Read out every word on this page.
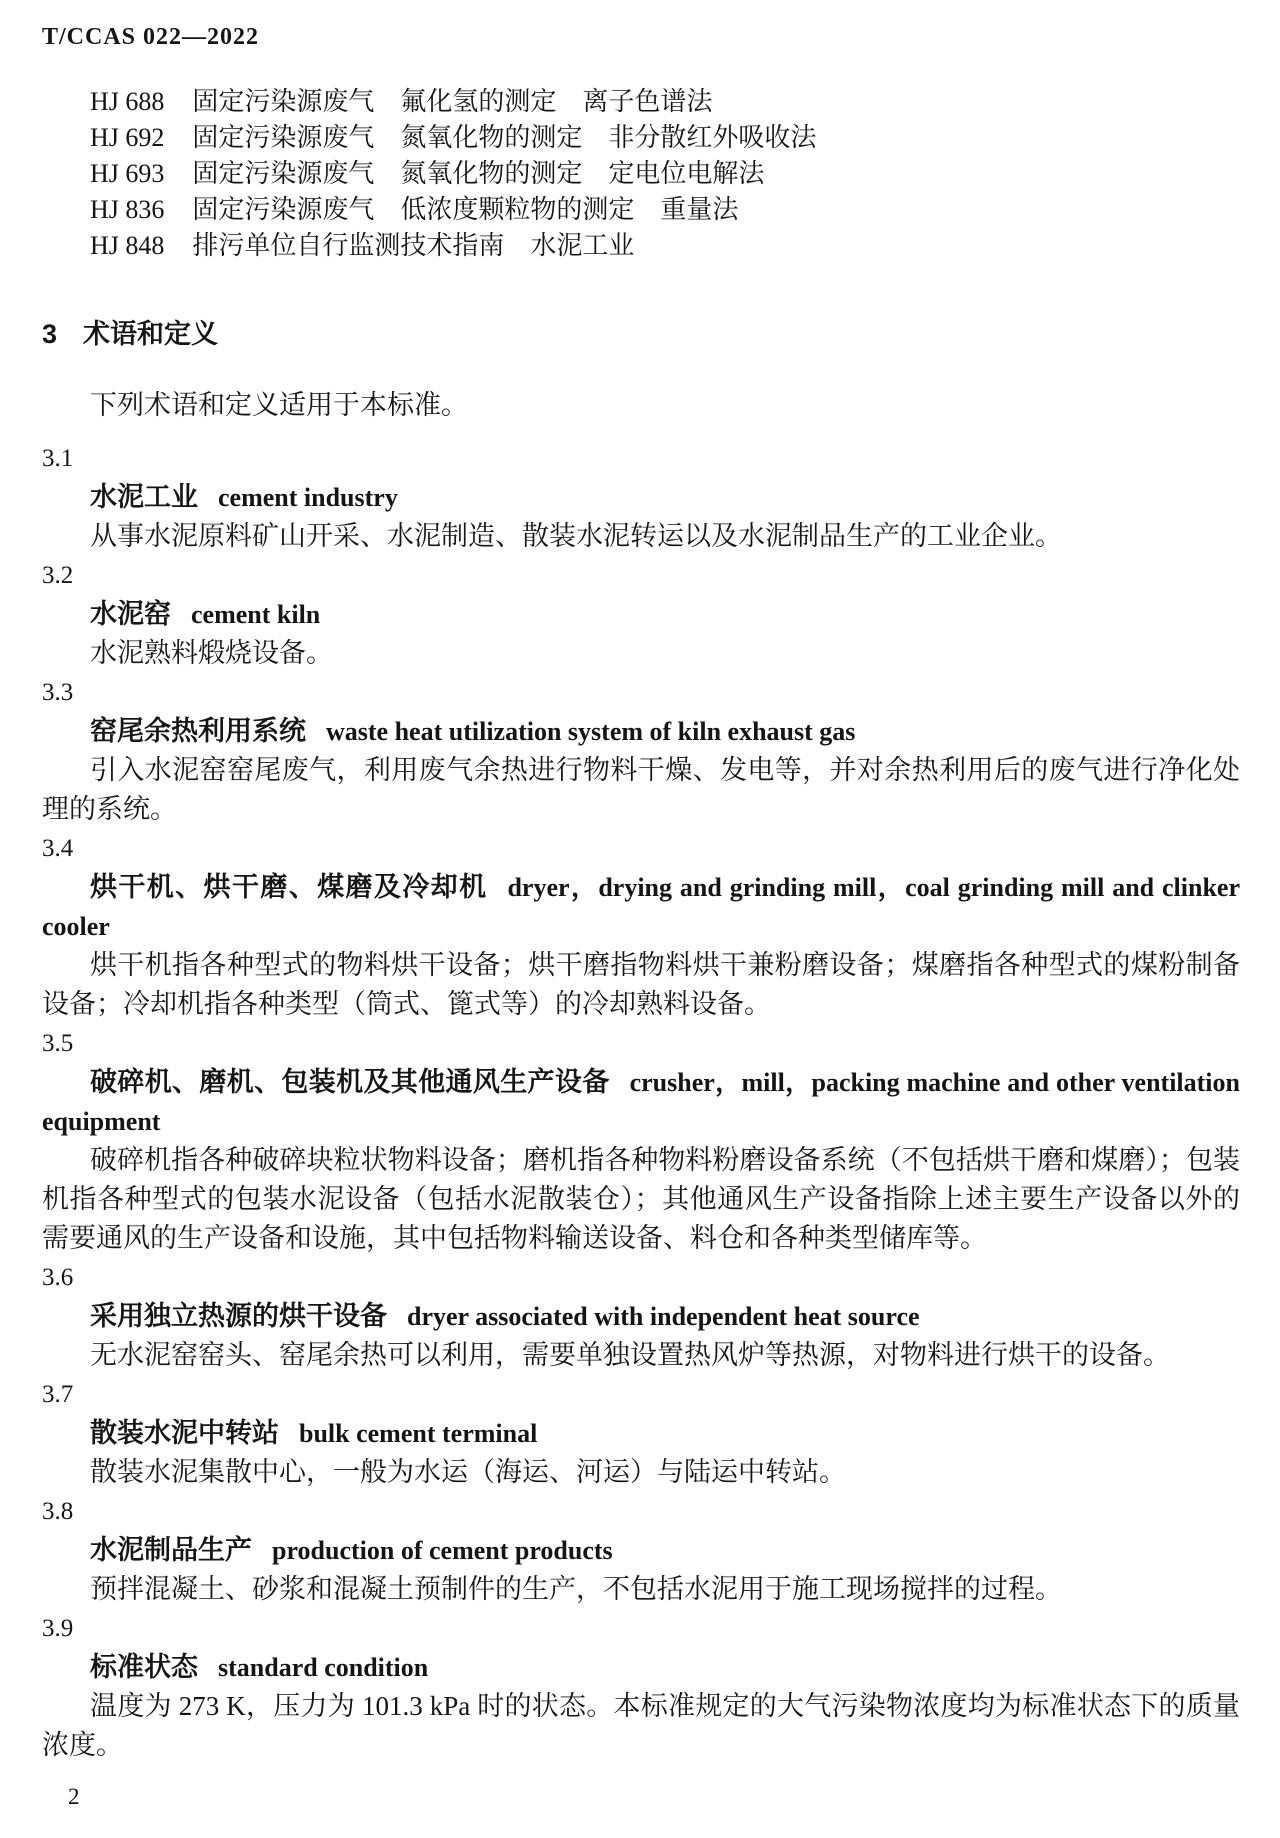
T/CCAS 022—2022
HJ 688 固定污染源废气　氟化氢的测定　离子色谱法
HJ 692 固定污染源废气　氮氧化物的测定　非分散红外吸收法
HJ 693 固定污染源废气　氮氧化物的测定　定电位电解法
HJ 836 固定污染源废气　低浓度颗粒物的测定　重量法
HJ 848 排污单位自行监测技术指南　水泥工业
3 术语和定义
下列术语和定义适用于本标准。
3.1
水泥工业 cement industry
从事水泥原料矿山开采、水泥制造、散装水泥转运以及水泥制品生产的工业企业。
3.2
水泥窑 cement kiln
水泥熟料煅烧设备。
3.3
窑尾余热利用系统 waste heat utilization system of kiln exhaust gas
引入水泥窑窑尾废气，利用废气余热进行物料干燥、发电等，并对余热利用后的废气进行净化处理的系统。
3.4
烘干机、烘干磨、煤磨及冷却机 dryer，drying and grinding mill，coal grinding mill and clinker cooler
烘干机指各种型式的物料烘干设备；烘干磨指物料烘干兼粉磨设备；煤磨指各种型式的煤粉制备设备；冷却机指各种类型（筒式、篦式等）的冷却熟料设备。
3.5
破碎机、磨机、包装机及其他通风生产设备 crusher，mill，packing machine and other ventilation equipment
破碎机指各种破碎块粒状物料设备；磨机指各种物料粉磨设备系统（不包括烘干磨和煤磨）；包装机指各种型式的包装水泥设备（包括水泥散装仓）；其他通风生产设备指除上述主要生产设备以外的需要通风的生产设备和设施，其中包括物料输送设备、料仓和各种类型储库等。
3.6
采用独立热源的烘干设备 dryer associated with independent heat source
无水泥窑窑头、窑尾余热可以利用，需要单独设置热风炉等热源，对物料进行烘干的设备。
3.7
散装水泥中转站 bulk cement terminal
散装水泥集散中心，一般为水运（海运、河运）与陆运中转站。
3.8
水泥制品生产 production of cement products
预拌混凝土、砂浆和混凝土预制件的生产，不包括水泥用于施工现场搅拌的过程。
3.9
标准状态 standard condition
温度为 273 K，压力为 101.3 kPa 时的状态。本标准规定的大气污染物浓度均为标准状态下的质量浓度。
2
